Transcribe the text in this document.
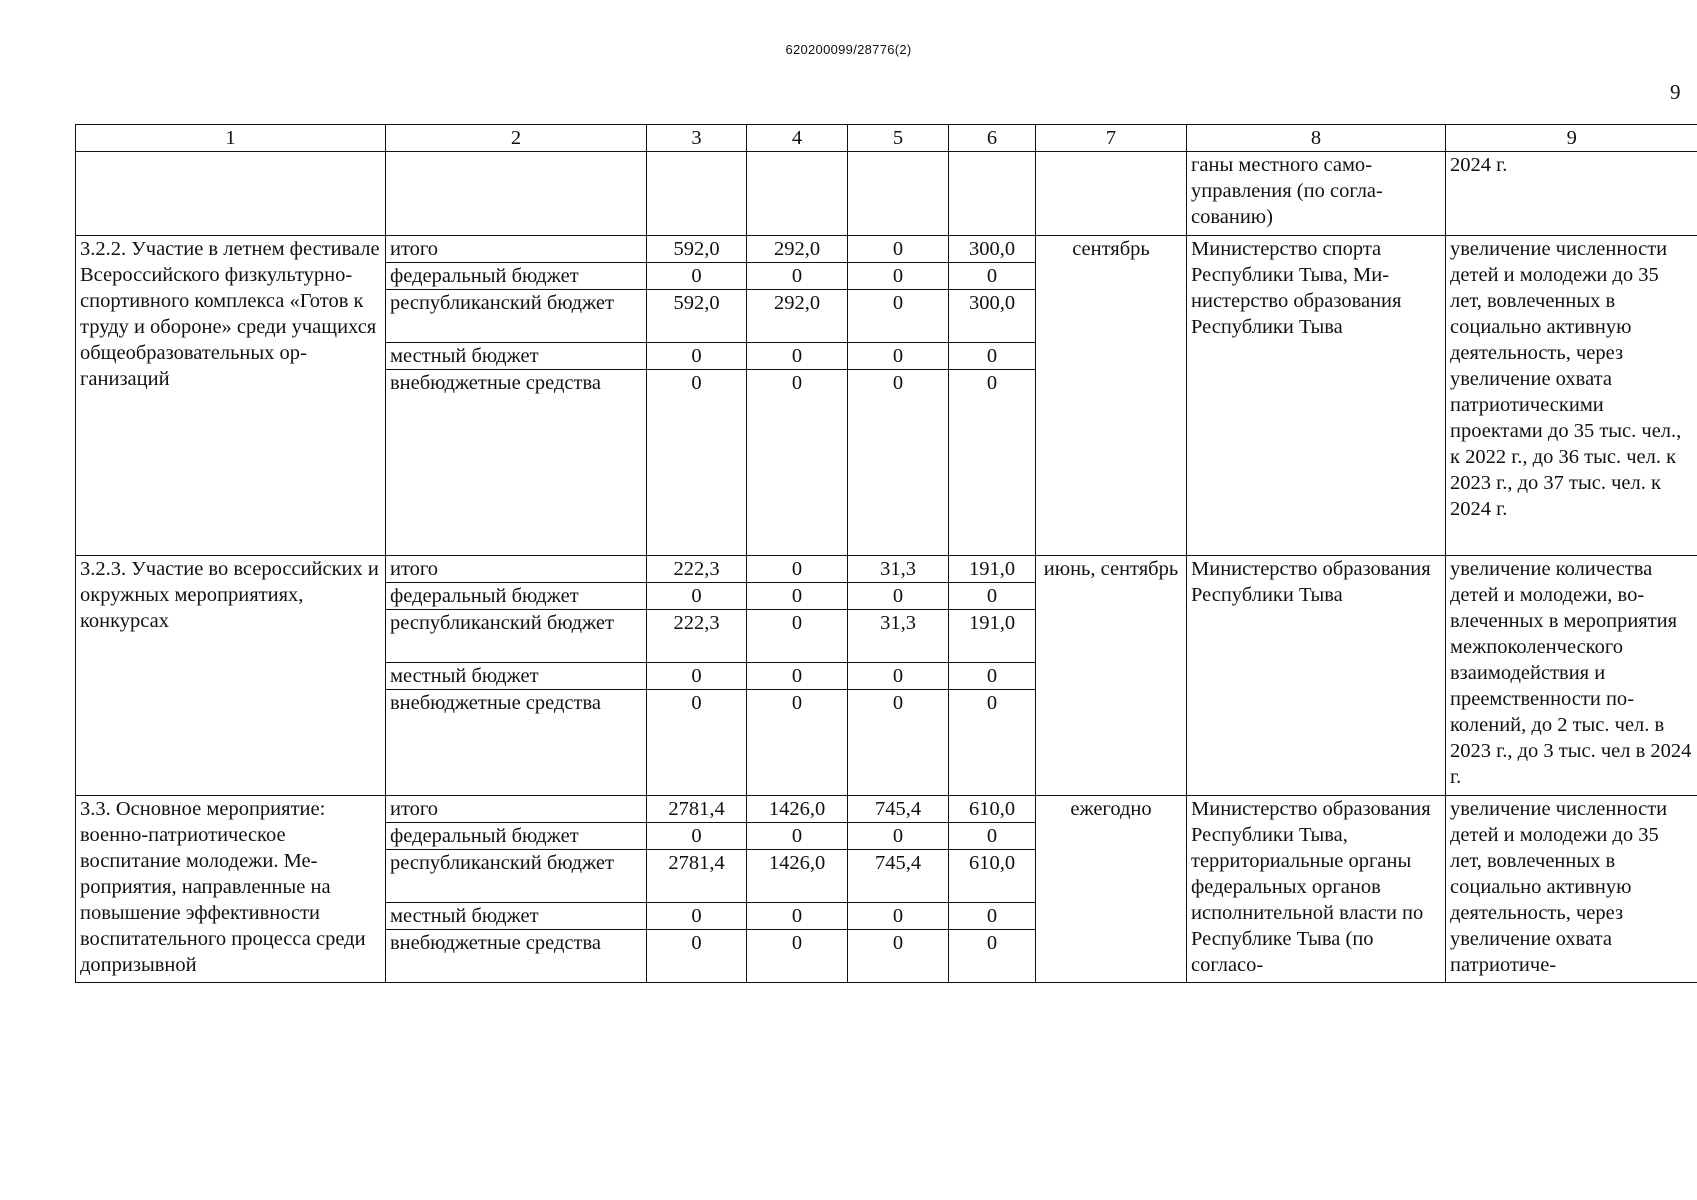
620200099/28776(2)
9
1	2	3	4	5	6	7	8	9
							ганы местного самоуправления (по согласованию)	2024 г.
3.2.2. Участие в летнем фестивале Всероссийского физкультурно-спортивного комплекса «Готов к труду и обороне» среди учащихся общеобразовательных организаций	итого	592,0	292,0	0	300,0	сентябрь	Министерство спорта Республики Тыва, Министерство образования Республики Тыва	увеличение численности детей и молодежи до 35 лет, вовлеченных в социально активную деятельность, через увеличение охвата патриотическими проектами до 35 тыс. чел., к 2022 г., до 36 тыс. чел. к 2023 г., до 37 тыс. чел. к 2024 г.
	федеральный бюджет	0	0	0	0			
	республиканский бюджет	592,0	292,0	0	300,0			
	местный бюджет	0	0	0	0			
	внебюджетные средства	0	0	0	0			
3.2.3. Участие во всероссийских и окружных мероприятиях, конкурсах	итого	222,3	0	31,3	191,0	июнь, сентябрь	Министерство образования Республики Тыва	увеличение количества детей и молодежи, вовлеченных в мероприятия межпоколенческого взаимодействия и преемственности поколений, до 2 тыс. чел. в 2023 г., до 3 тыс. чел в 2024 г.
	федеральный бюджет	0	0	0	0			
	республиканский бюджет	222,3	0	31,3	191,0			
	местный бюджет	0	0	0	0			
	внебюджетные средства	0	0	0	0			
3.3. Основное мероприятие: военно-патриотическое воспитание молодежи. Мероприятия, направленные на повышение эффективности воспитательного процесса среди допризывной	итого	2781,4	1426,0	745,4	610,0	ежегодно	Министерство образования Республики Тыва, территориальные органы федеральных органов исполнительной власти по Республике Тыва (по согласо-	увеличение численности детей и молодежи до 35 лет, вовлеченных в социально активную деятельность, через увеличение охвата патриотиче-
	федеральный бюджет	0	0	0	0			
	республиканский бюджет	2781,4	1426,0	745,4	610,0			
	местный бюджет	0	0	0	0			
	внебюджетные средства	0	0	0	0			
